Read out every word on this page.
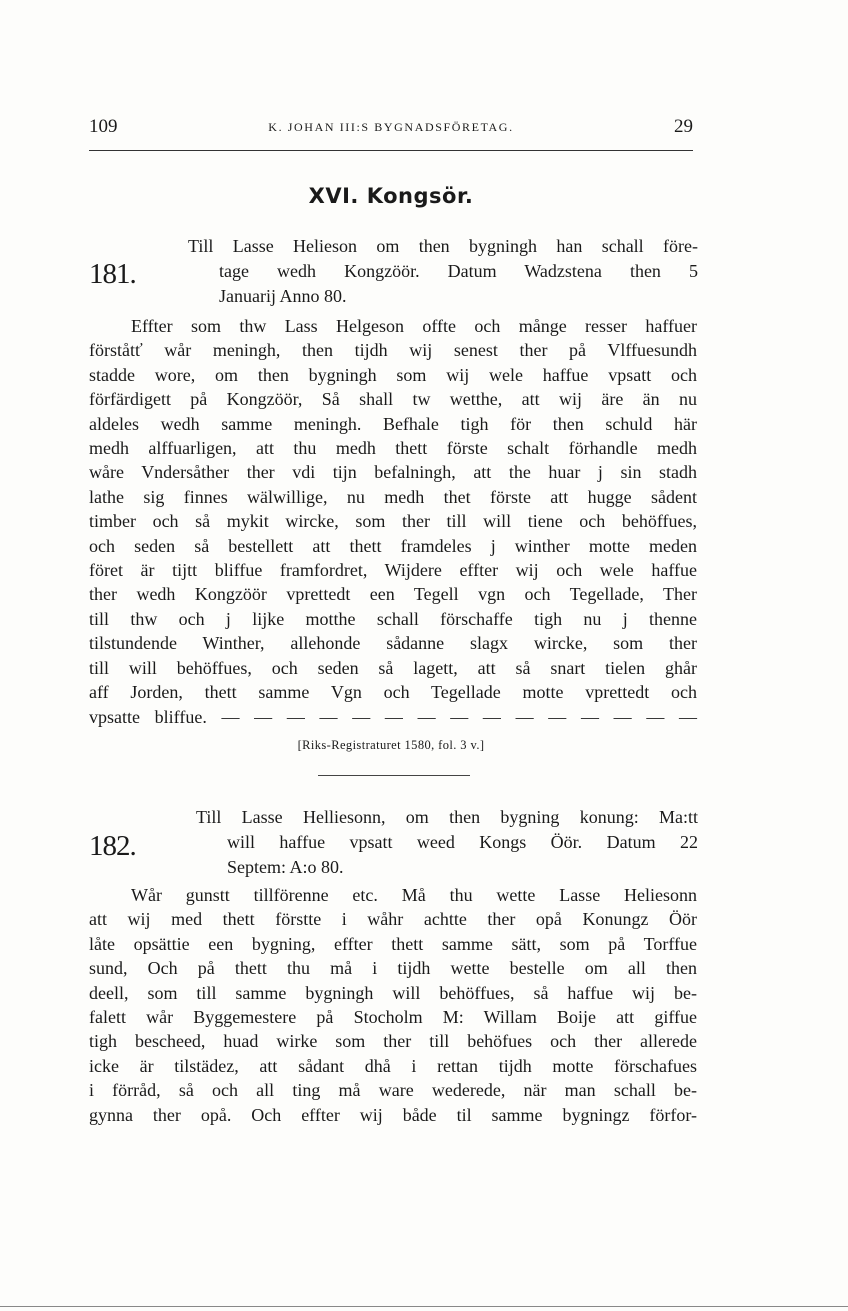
109	K. JOHAN III:S BYGNADSFÖRETAG.	29
XVI. Kongsör.
181.
Till Lasse Helieson om then bygningh han schall före-
tage wedh Kongzöör. Datum Wadzstena then 5
Januarij Anno 80.
Effter som thw Lass Helgeson offte och månge resser haffuer
förståtť wår meningh, then tijdh wij senest ther på Vlffuesundh
stadde wore, om then bygningh som wij wele haffue vpsatt och
förfärdigett på Kongzöör, Så shall tw wetthe, att wij äre än nu
aldeles wedh samme meningh. Befhale tigh för then schuld här
medh alffuarligen, att thu medh thett förste schalt förhandle medh
wåre Vndersåther ther vdi tijn befalningh, att the huar j sin stadh
lathe sig finnes wälwillige, nu medh thet förste att hugge sådent
timber och så mykit wircke, som ther till will tiene och behöffues,
och seden så bestellett att thett framdeles j winther motte meden
föret är tijtt bliffue framfordret, Wijdere effter wij och wele haffue
ther wedh Kongzöör vprettedt een Tegell vgn och Tegellade, Ther
till thw och j lijke motthe schall förschaffe tigh nu j thenne
tilstundende Winther, allehonde sådanne slagx wircke, som ther
till will behöffues, och seden så lagett, att så snart tielen ghår
aff Jorden, thett samme Vgn och Tegellade motte vprettedt och
vpsatte bliffue. — — — — — — — — — — — — — — —
[Riks-Registraturet 1580, fol. 3 v.]
182.
Till Lasse Helliesonn, om then bygning konung: Ma:tt
will haffue vpsatt weed Kongs Öör. Datum 22
Septem: A:o 80.
Wår gunstt tillförenne etc. Må thu wette Lasse Heliesonn
att wij med thett förstte i wåhr achtte ther opå Konungz Öör
låte opsättie een bygning, effter thett samme sätt, som på Torffue
sund, Och på thett thu må i tijdh wette bestelle om all then
deell, som till samme bygningh will behöffues, så haffue wij be-
falett wår Byggemestere på Stocholm M: Willam Boije att giffue
tigh bescheed, huad wirke som ther till behöfues och ther allerede
icke är tilstädez, att sådant dhå i rettan tijdh motte förschafues
i förråd, så och all ting må ware wederede, när man schall be-
gynna ther opå. Och effter wij både til samme bygningz förfor-
